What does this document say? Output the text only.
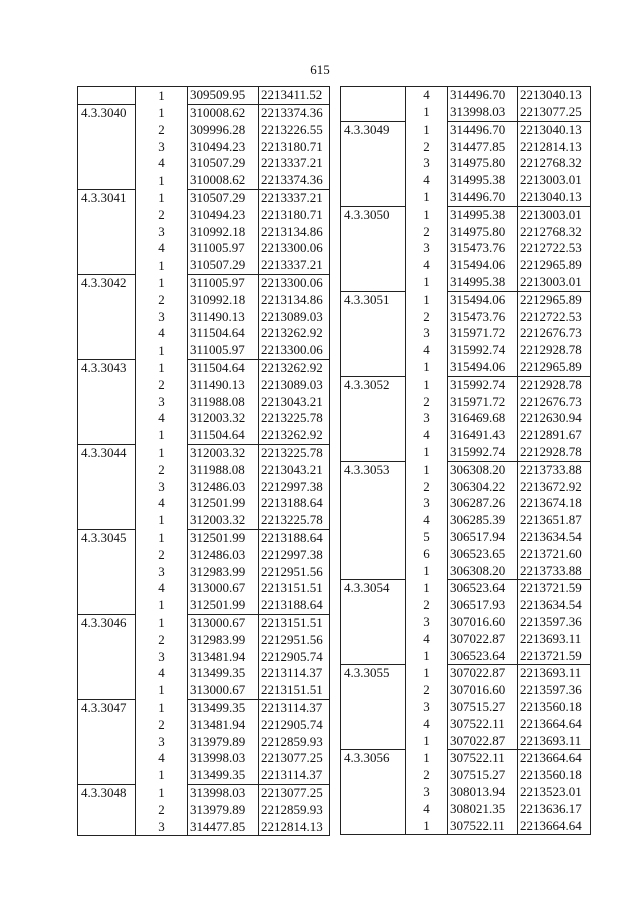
615
	1	309509.95	2213411.52
4.3.3040	1	310008.62	2213374.36
	2	309996.28	2213226.55
	3	310494.23	2213180.71
	4	310507.29	2213337.21
	1	310008.62	2213374.36
4.3.3041	1	310507.29	2213337.21
	2	310494.23	2213180.71
	3	310992.18	2213134.86
	4	311005.97	2213300.06
	1	310507.29	2213337.21
4.3.3042	1	311005.97	2213300.06
	2	310992.18	2213134.86
	3	311490.13	2213089.03
	4	311504.64	2213262.92
	1	311005.97	2213300.06
4.3.3043	1	311504.64	2213262.92
	2	311490.13	2213089.03
	3	311988.08	2213043.21
	4	312003.32	2213225.78
	1	311504.64	2213262.92
4.3.3044	1	312003.32	2213225.78
	2	311988.08	2213043.21
	3	312486.03	2212997.38
	4	312501.99	2213188.64
	1	312003.32	2213225.78
4.3.3045	1	312501.99	2213188.64
	2	312486.03	2212997.38
	3	312983.99	2212951.56
	4	313000.67	2213151.51
	1	312501.99	2213188.64
4.3.3046	1	313000.67	2213151.51
	2	312983.99	2212951.56
	3	313481.94	2212905.74
	4	313499.35	2213114.37
	1	313000.67	2213151.51
4.3.3047	1	313499.35	2213114.37
	2	313481.94	2212905.74
	3	313979.89	2212859.93
	4	313998.03	2213077.25
	1	313499.35	2213114.37
4.3.3048	1	313998.03	2213077.25
	2	313979.89	2212859.93
	3	314477.85	2212814.13
	4	314496.70	2213040.13
	1	313998.03	2213077.25
4.3.3049	1	314496.70	2213040.13
	2	314477.85	2212814.13
	3	314975.80	2212768.32
	4	314995.38	2213003.01
	1	314496.70	2213040.13
4.3.3050	1	314995.38	2213003.01
	2	314975.80	2212768.32
	3	315473.76	2212722.53
	4	315494.06	2212965.89
	1	314995.38	2213003.01
4.3.3051	1	315494.06	2212965.89
	2	315473.76	2212722.53
	3	315971.72	2212676.73
	4	315992.74	2212928.78
	1	315494.06	2212965.89
4.3.3052	1	315992.74	2212928.78
	2	315971.72	2212676.73
	3	316469.68	2212630.94
	4	316491.43	2212891.67
	1	315992.74	2212928.78
4.3.3053	1	306308.20	2213733.88
	2	306304.22	2213672.92
	3	306287.26	2213674.18
	4	306285.39	2213651.87
	5	306517.94	2213634.54
	6	306523.65	2213721.60
	1	306308.20	2213733.88
4.3.3054	1	306523.64	2213721.59
	2	306517.93	2213634.54
	3	307016.60	2213597.36
	4	307022.87	2213693.11
	1	306523.64	2213721.59
4.3.3055	1	307022.87	2213693.11
	2	307016.60	2213597.36
	3	307515.27	2213560.18
	4	307522.11	2213664.64
	1	307022.87	2213693.11
4.3.3056	1	307522.11	2213664.64
	2	307515.27	2213560.18
	3	308013.94	2213523.01
	4	308021.35	2213636.17
	1	307522.11	2213664.64
